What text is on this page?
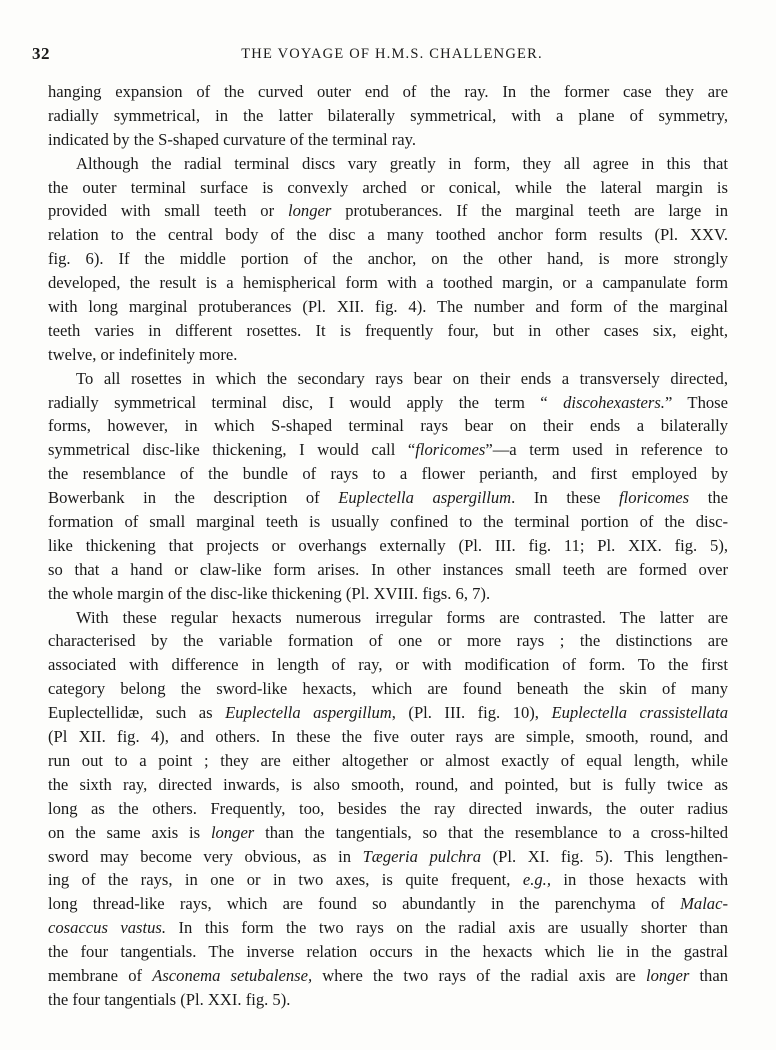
32	THE VOYAGE OF H.M.S. CHALLENGER.
hanging expansion of the curved outer end of the ray. In the former case they are
radially symmetrical, in the latter bilaterally symmetrical, with a plane of symmetry,
indicated by the S-shaped curvature of the terminal ray.
Although the radial terminal discs vary greatly in form, they all agree in this that
the outer terminal surface is convexly arched or conical, while the lateral margin is
provided with small teeth or longer protuberances. If the marginal teeth are large in
relation to the central body of the disc a many toothed anchor form results (Pl. XXV.
fig. 6). If the middle portion of the anchor, on the other hand, is more strongly
developed, the result is a hemispherical form with a toothed margin, or a campanulate form
with long marginal protuberances (Pl. XII. fig. 4). The number and form of the marginal
teeth varies in different rosettes. It is frequently four, but in other cases six, eight,
twelve, or indefinitely more.
To all rosettes in which the secondary rays bear on their ends a transversely directed,
radially symmetrical terminal disc, I would apply the term “ discohexasters.” Those
forms, however, in which S-shaped terminal rays bear on their ends a bilaterally
symmetrical disc-like thickening, I would call “floricomes”—a term used in reference to
the resemblance of the bundle of rays to a flower perianth, and first employed by
Bowerbank in the description of Euplectella aspergillum. In these floricomes the
formation of small marginal teeth is usually confined to the terminal portion of the disc-
like thickening that projects or overhangs externally (Pl. III. fig. 11; Pl. XIX. fig. 5),
so that a hand or claw-like form arises. In other instances small teeth are formed over
the whole margin of the disc-like thickening (Pl. XVIII. figs. 6, 7).
With these regular hexacts numerous irregular forms are contrasted. The latter are
characterised by the variable formation of one or more rays ; the distinctions are
associated with difference in length of ray, or with modification of form. To the first
category belong the sword-like hexacts, which are found beneath the skin of many
Euplectellidæ, such as Euplectella aspergillum, (Pl. III. fig. 10), Euplectella crassistellata
(Pl XII. fig. 4), and others. In these the five outer rays are simple, smooth, round, and
run out to a point ; they are either altogether or almost exactly of equal length, while
the sixth ray, directed inwards, is also smooth, round, and pointed, but is fully twice as
long as the others. Frequently, too, besides the ray directed inwards, the outer radius
on the same axis is longer than the tangentials, so that the resemblance to a cross-hilted
sword may become very obvious, as in Tægeria pulchra (Pl. XI. fig. 5). This lengthen-
ing of the rays, in one or in two axes, is quite frequent, e.g., in those hexacts with
long thread-like rays, which are found so abundantly in the parenchyma of Malac-
cosaccus vastus. In this form the two rays on the radial axis are usually shorter than
the four tangentials. The inverse relation occurs in the hexacts which lie in the gastral
membrane of Asconema setubalense, where the two rays of the radial axis are longer than
the four tangentials (Pl. XXI. fig. 5).
